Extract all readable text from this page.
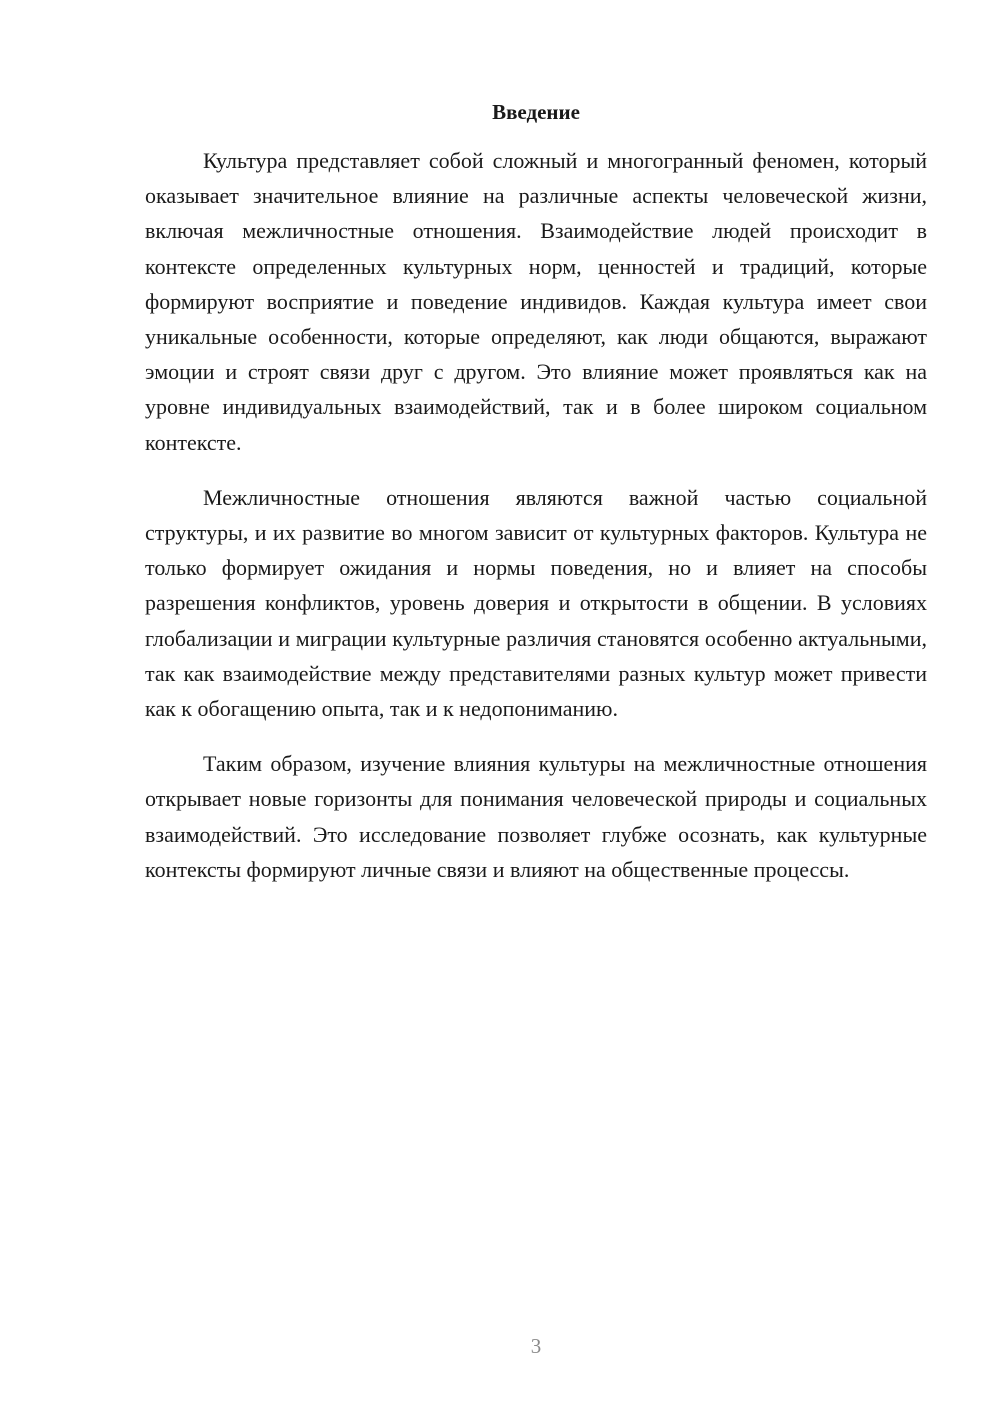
Введение

Культура представляет собой сложный и многогранный феномен, который оказывает значительное влияние на различные аспекты человеческой жизни, включая межличностные отношения. Взаимодействие людей происходит в контексте определенных культурных норм, ценностей и традиций, которые формируют восприятие и поведение индивидов. Каждая культура имеет свои уникальные особенности, которые определяют, как люди общаются, выражают эмоции и строят связи друг с другом. Это влияние может проявляться как на уровне индивидуальных взаимодействий, так и в более широком социальном контексте.

Межличностные отношения являются важной частью социальной структуры, и их развитие во многом зависит от культурных факторов. Культура не только формирует ожидания и нормы поведения, но и влияет на способы разрешения конфликтов, уровень доверия и открытости в общении. В условиях глобализации и миграции культурные различия становятся особенно актуальными, так как взаимодействие между представителями разных культур может привести как к обогащению опыта, так и к недопониманию.

Таким образом, изучение влияния культуры на межличностные отношения открывает новые горизонты для понимания человеческой природы и социальных взаимодействий. Это исследование позволяет глубже осознать, как культурные контексты формируют личные связи и влияют на общественные процессы.

3
